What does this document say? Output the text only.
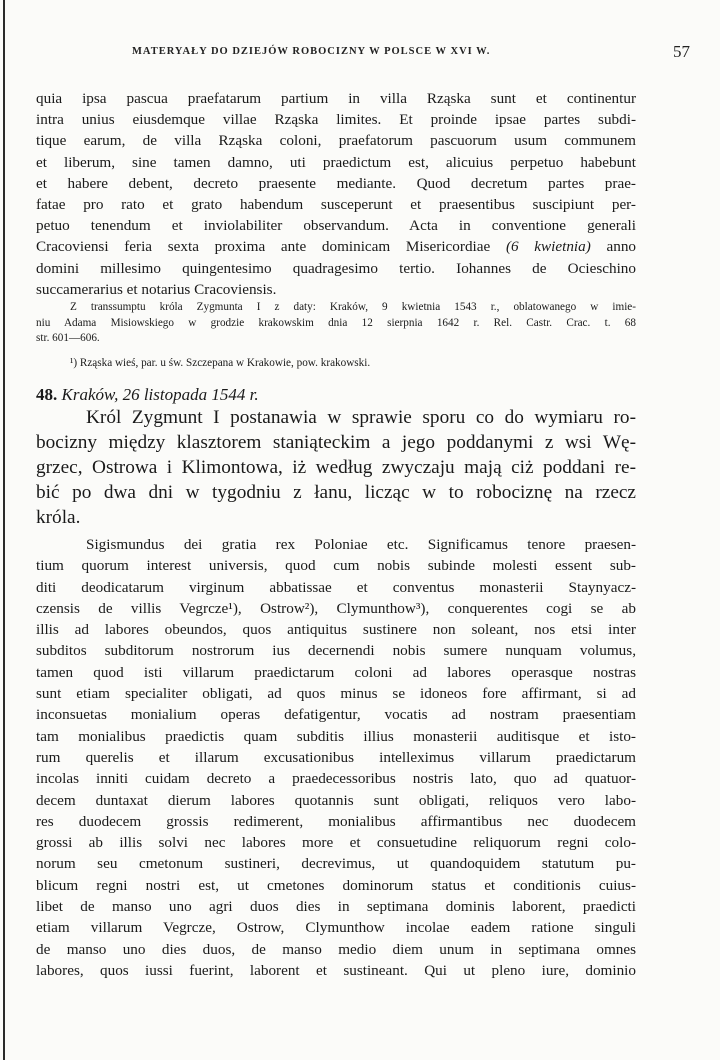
MATERYAŁY DO DZIEJÓW ROBOCIZNY W POLSCE W XVI W.	57
quia ipsa pascua praefatarum partium in villa Rząska sunt et continentur
intra unius eiusdemque villae Rząska limites. Et proinde ipsae partes subdi-
tique earum, de villa Rząska coloni, praefatorum pascuorum usum communem
et liberum, sine tamen damno, uti praedictum est, alicuius perpetuo habebunt
et habere debent, decreto praesente mediante. Quod decretum partes prae-
fatae pro rato et grato habendum susceperunt et praesentibus suscipiunt per-
petuo tenendum et inviolabiliter observandum. Acta in conventione generali
Cracoviensi feria sexta proxima ante dominicam Misericordiae (6 kwietnia) anno
domini millesimo quingentesimo quadragesimo tertio. Iohannes de Ocieschino
succamerarius et notarius Cracoviensis.
Z transsumptu króla Zygmunta I z daty: Kraków, 9 kwietnia 1543 r., oblatowanego w imie-
niu Adama Misiowskiego w grodzie krakowskim dnia 12 sierpnia 1642 r. Rel. Castr. Crac. t. 68
str. 601—606.
¹) Rząska wieś, par. u św. Szczepana w Krakowie, pow. krakowski.
48. Kraków, 26 listopada 1544 r.
Król Zygmunt I postanawia w sprawie sporu co do wymiaru ro-
bocizny między klasztorem staniąteckim a jego poddanymi z wsi Wę-
grzec, Ostrowa i Klimontowa, iż według zwyczaju mają ciż poddani re-
bić po dwa dni w tygodniu z łanu, licząc w to robociznę na rzecz
króla.
Sigismundus dei gratia rex Poloniae etc. Significamus tenore praesen-
tium quorum interest universis, quod cum nobis subinde molesti essent sub-
diti deodicatarum virginum abbatissae et conventus monasterii Staynyacz-
czensis de villis Vegrcze¹), Ostrow²), Clymunthow³), conquerentes cogi se ab
illis ad labores obeundos, quos antiquitus sustinere non soleant, nos etsi inter
subditos subditorum nostrorum ius decernendi nobis sumere nunquam volumus,
tamen quod isti villarum praedictarum coloni ad labores operasque nostras
sunt etiam specialiter obligati, ad quos minus se idoneos fore affirmant, si ad
inconsuetas monialium operas defatigentur, vocatis ad nostram praesentiam
tam monialibus praedictis quam subditis illius monasterii auditisque et isto-
rum querelis et illarum excusationibus intelleximus villarum praedictarum
incolas inniti cuidam decreto a praedecessoribus nostris lato, quo ad quatuor-
decem duntaxat dierum labores quotannis sunt obligati, reliquos vero labo-
res duodecem grossis redimerent, monialibus affirmantibus nec duodecem
grossi ab illis solvi nec labores more et consuetudine reliquorum regni colo-
norum seu cmetonum sustineri, decrevimus, ut quandoquidem statutum pu-
blicum regni nostri est, ut cmetones dominorum status et conditionis cuius-
libet de manso uno agri duos dies in septimana dominis laborent, praedicti
etiam villarum Vegrcze, Ostrow, Clymunthow incolae eadem ratione singuli
de manso uno dies duos, de manso medio diem unum in septimana omnes
labores, quos iussi fuerint, laborent et sustineant. Qui ut pleno iure, dominio
